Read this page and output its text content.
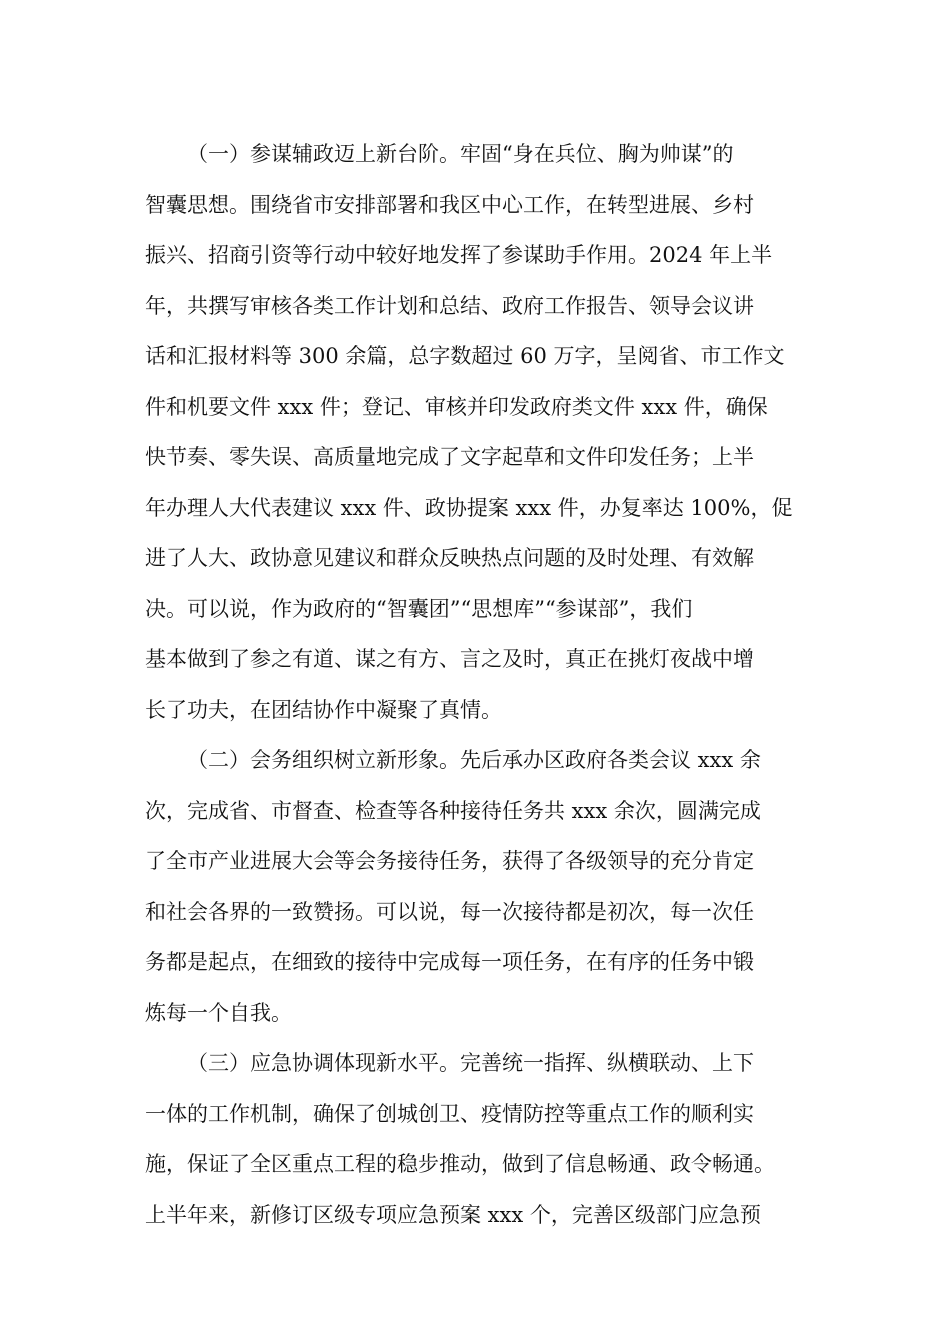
（一）参谋辅政迈上新台阶。牢固“身在兵位、胸为帅谋”的
智囊思想。围绕省市安排部署和我区中心工作，在转型进展、乡村
振兴、招商引资等行动中较好地发挥了参谋助手作用。2024 年上半
年，共撰写审核各类工作计划和总结、政府工作报告、领导会议讲
话和汇报材料等 300 余篇，总字数超过 60 万字，呈阅省、市工作文
件和机要文件 xxx 件；登记、审核并印发政府类文件 xxx 件，确保
快节奏、零失误、高质量地完成了文字起草和文件印发任务；上半
年办理人大代表建议 xxx 件、政协提案 xxx 件，办复率达 100%，促
进了人大、政协意见建议和群众反映热点问题的及时处理、有效解
决。可以说，作为政府的“智囊团”“思想库”“参谋部”，我们
基本做到了参之有道、谋之有方、言之及时，真正在挑灯夜战中增
长了功夫，在团结协作中凝聚了真情。
（二）会务组织树立新形象。先后承办区政府各类会议 xxx 余
次，完成省、市督查、检查等各种接待任务共 xxx 余次，圆满完成
了全市产业进展大会等会务接待任务，获得了各级领导的充分肯定
和社会各界的一致赞扬。可以说，每一次接待都是初次，每一次任
务都是起点，在细致的接待中完成每一项任务，在有序的任务中锻
炼每一个自我。
（三）应急协调体现新水平。完善统一指挥、纵横联动、上下
一体的工作机制，确保了创城创卫、疫情防控等重点工作的顺利实
施，保证了全区重点工程的稳步推动，做到了信息畅通、政令畅通。
上半年来，新修订区级专项应急预案 xxx 个，完善区级部门应急预
